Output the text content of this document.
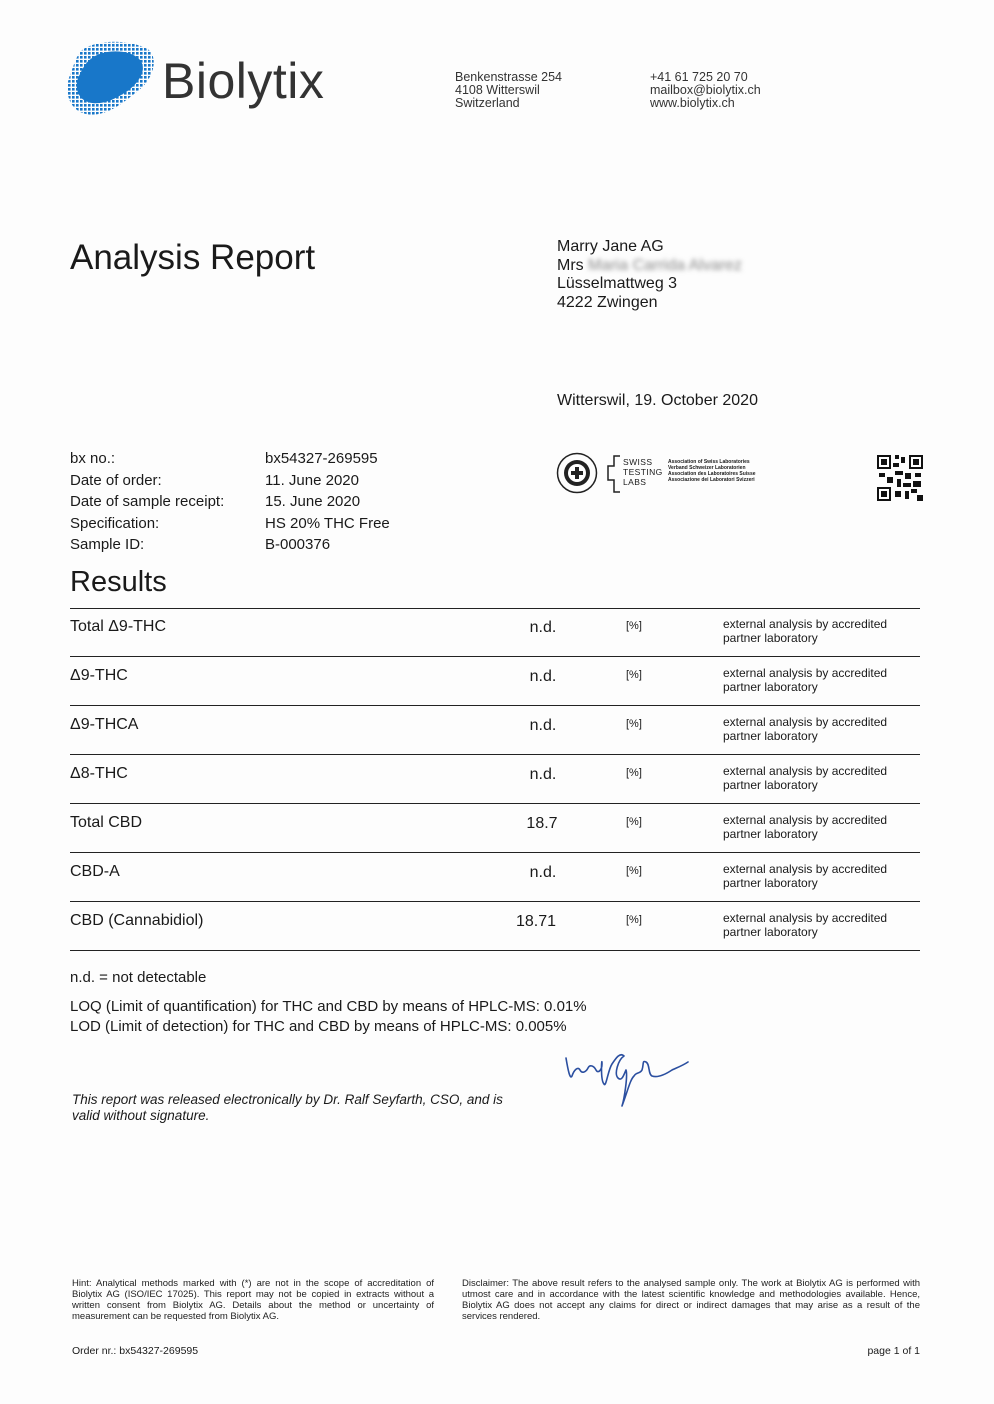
Biolytix	Benkenstrasse 254
4108 Witterswil
Switzerland
+41 61 725 20 70
mailbox@biolytix.ch
www.biolytix.ch
Analysis Report	Marry Jane AG
Mrs Maria Carrida Alvarez
Lüsselmattweg 3
4222 Zwingen
Witterswil, 19. October 2020
bx no.:	bx54327-269595
Date of order:	11. June 2020
Date of sample receipt:	15. June 2020
Specification:	HS 20% THC Free
Sample ID:	B-000376
SWISS
TESTING
LABS
Association of Swiss Laboratories
Verband Schweizer Laboratorien
Association des Laboratoires Suisse
Associazione dei Laboratori Svizzeri
Results
Total Δ9-THC	n.d.	[%]	external analysis by accredited partner laboratory
Δ9-THC	n.d.	[%]	external analysis by accredited partner laboratory
Δ9-THCA	n.d.	[%]	external analysis by accredited partner laboratory
Δ8-THC	n.d.	[%]	external analysis by accredited partner laboratory
Total CBD	18.7	[%]	external analysis by accredited partner laboratory
CBD-A	n.d.	[%]	external analysis by accredited partner laboratory
CBD (Cannabidiol)	18.71	[%]	external analysis by accredited partner laboratory
n.d. = not detectable
LOQ (Limit of quantification) for THC and CBD by means of HPLC-MS: 0.01%
LOD (Limit of detection) for THC and CBD by means of HPLC-MS: 0.005%
This report was released electronically by Dr. Ralf Seyfarth, CSO, and is valid without signature.
Hint: Analytical methods marked with (*) are not in the scope of accreditation of Biolytix AG (ISO/IEC 17025). This report may not be copied in extracts without a written consent from Biolytix AG. Details about the method or uncertainty of measurement can be requested from Biolytix AG.
Disclaimer: The above result refers to the analysed sample only. The work at Biolytix AG is performed with utmost care and in accordance with the latest scientific knowledge and methodologies available. Hence, Biolytix AG does not accept any claims for direct or indirect damages that may arise as a result of the services rendered.
Order nr.: bx54327-269595	page 1 of 1
